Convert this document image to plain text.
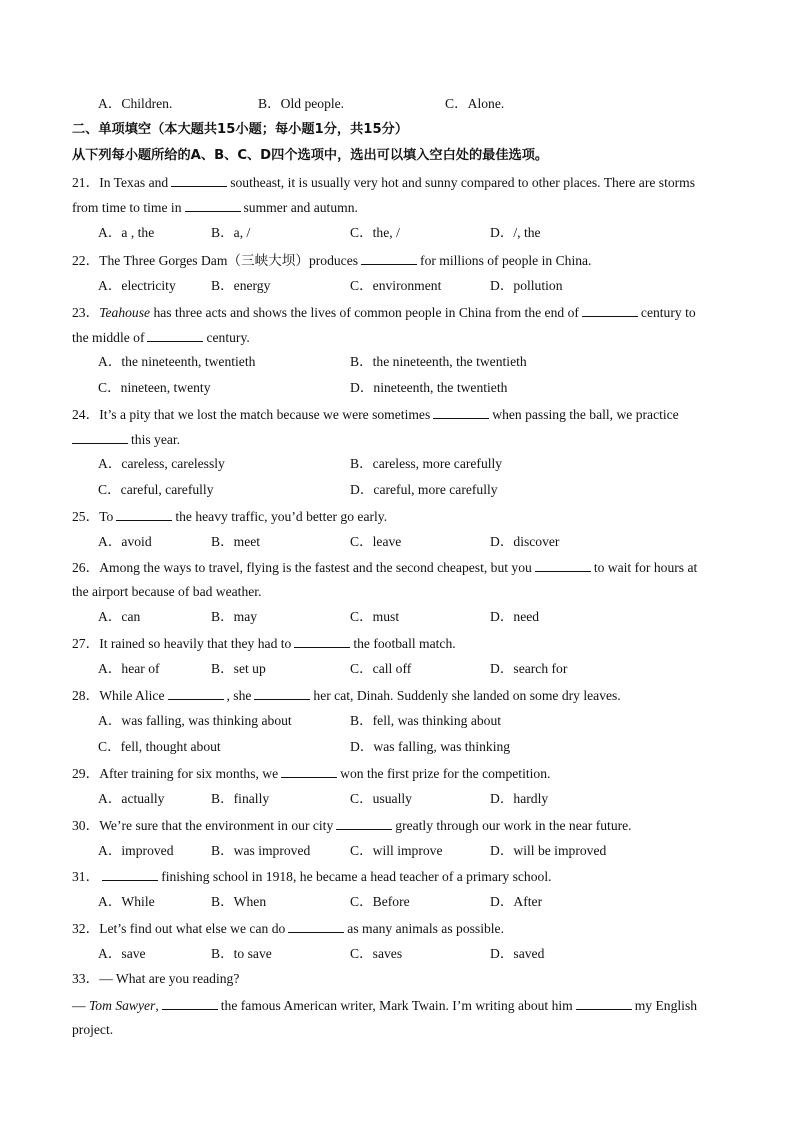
A．Children.	B．Old people.	C．Alone.
二、单项填空（本大题共15小题；每小题1分，共15分）
从下列每小题所给的A、B、C、D四个选项中，选出可以填入空白处的最佳选项。
21．In Texas and	southeast, it is usually very hot and sunny compared to other places. There are storms
from time to time in	summer and autumn.
A．a , the	B．a, /	C．the, /	D．/, the
22．The Three Gorges Dam（三峡大坝）produces	for millions of people in China.
A．electricity	B．energy	C．environment	D．pollution
23．Teahouse has three acts and shows the lives of common people in China from the end of	century to
the middle of	century.
A．the nineteenth, twentieth	B．the nineteenth, the twentieth
C．nineteen, twenty	D．nineteenth, the twentieth
24．It’s a pity that we lost the match because we were sometimes	when passing the ball, we practice
this year.
A．careless, carelessly	B．careless, more carefully
C．careful, carefully	D．careful, more carefully
25．To	the heavy traffic, you’d better go early.
A．avoid	B．meet	C．leave	D．discover
26．Among the ways to travel, flying is the fastest and the second cheapest, but you	to wait for hours at
the airport because of bad weather.
A．can	B．may	C．must	D．need
27．It rained so heavily that they had to	the football match.
A．hear of	B．set up	C．call off	D．search for
28．While Alice	, she	her cat, Dinah. Suddenly she landed on some dry leaves.
A．was falling, was thinking about	B．fell, was thinking about
C．fell, thought about	D．was falling, was thinking
29．After training for six months, we	won the first prize for the competition.
A．actually	B．finally	C．usually	D．hardly
30．We’re sure that the environment in our city	greatly through our work in the near future.
A．improved	B．was improved	C．will improve	D．will be improved
31．	finishing school in 1918, he became a head teacher of a primary school.
A．While	B．When	C．Before	D．After
32．Let’s find out what else we can do	as many animals as possible.
A．save	B．to save	C．saves	D．saved
33．— What are you reading?
— Tom Sawyer,	the famous American writer, Mark Twain. I’m writing about him	my English
project.
